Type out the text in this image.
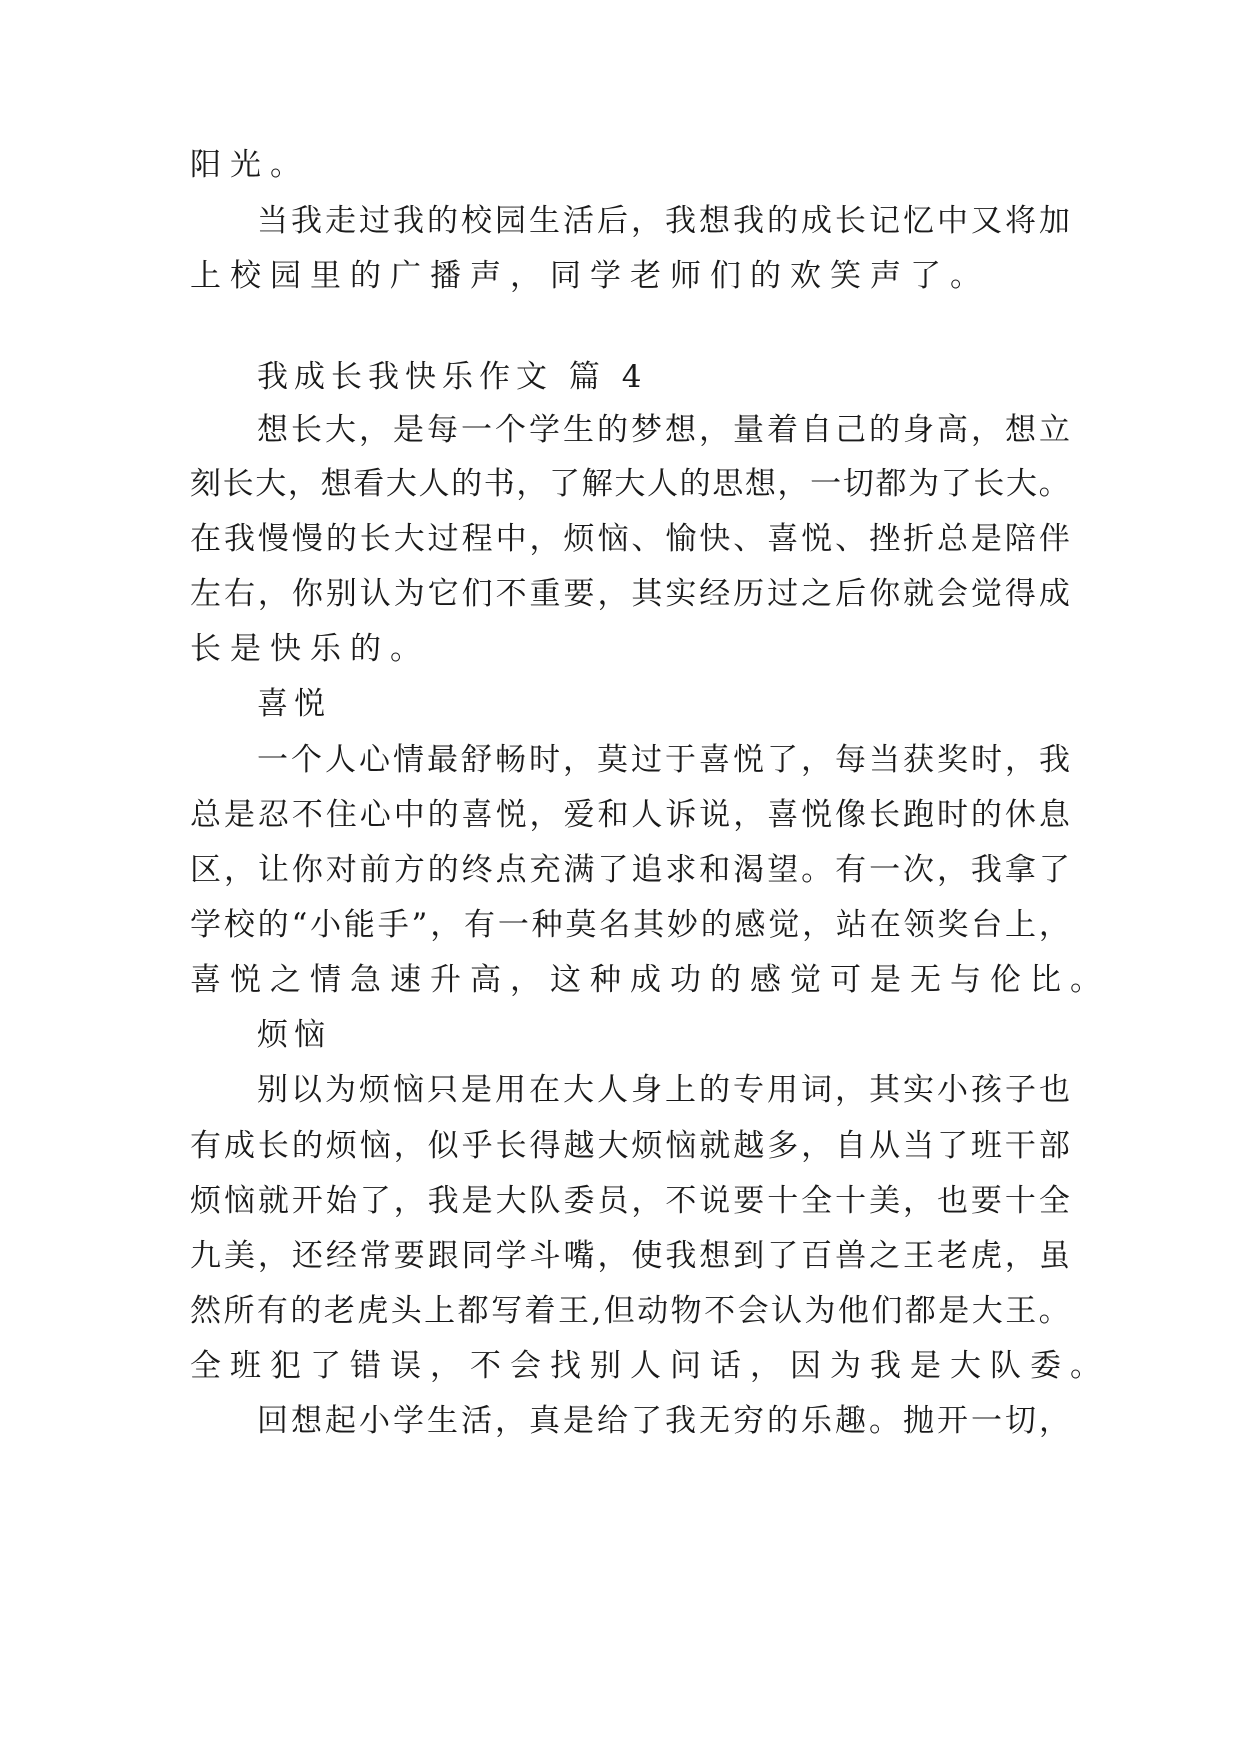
阳光。
当 我 走 过 我 的 校 园 生 活 后 ， 我 想 我 的 成 长 记 忆 中 又 将 加
上校园里的广播声，同学老师们的欢笑声了。
我成长我快乐作文 篇 4
想 长 大 ， 是 每 一 个 学 生 的 梦 想 ， 量 着 自 己 的 身 高 ， 想 立
刻 长 大 ， 想 看 大 人 的 书 ， 了 解 大 人 的 思 想 ， 一 切 都 为 了 长 大 。
在 我 慢 慢 的 长 大 过 程 中 ， 烦 恼 、 愉 快 、 喜 悦 、 挫 折 总 是 陪 伴
左 右 ， 你 别 认 为 它 们 不 重 要 ， 其 实 经 历 过 之 后 你 就 会 觉 得 成
长是快乐的。
喜悦
一 个 人 心 情 最 舒 畅 时 ， 莫 过 于 喜 悦 了 ， 每 当 获 奖 时 ， 我
总 是 忍 不 住 心 中 的 喜 悦 ， 爱 和 人 诉 说 ， 喜 悦 像 长 跑 时 的 休 息
区 ， 让 你 对 前 方 的 终 点 充 满 了 追 求 和 渴 望 。 有 一 次 ， 我 拿 了
学 校 的 “ 小 能 手 ” ， 有 一 种 莫 名 其 妙 的 感 觉 ， 站 在 领 奖 台 上 ，
喜悦之情急速升高，这种成功的感觉可是无与伦比。
烦恼
别 以 为 烦 恼 只 是 用 在 大 人 身 上 的 专 用 词 ， 其 实 小 孩 子 也
有 成 长 的 烦 恼 ， 似 乎 长 得 越 大 烦 恼 就 越 多 ， 自 从 当 了 班 干 部
烦 恼 就 开 始 了 ， 我 是 大 队 委 员 ， 不 说 要 十 全 十 美 ， 也 要 十 全
九 美 ， 还 经 常 要 跟 同 学 斗 嘴 ， 使 我 想 到 了 百 兽 之 王 老 虎 ， 虽
然 所 有 的 老 虎 头 上 都 写 着 王 , 但 动 物 不 会 认 为 他 们 都 是 大 王 。
全班犯了错误，不会找别人问话，因为我是大队委。
回 想 起 小 学 生 活 ， 真 是 给 了 我 无 穷 的 乐 趣 。 抛 开 一 切 ，
